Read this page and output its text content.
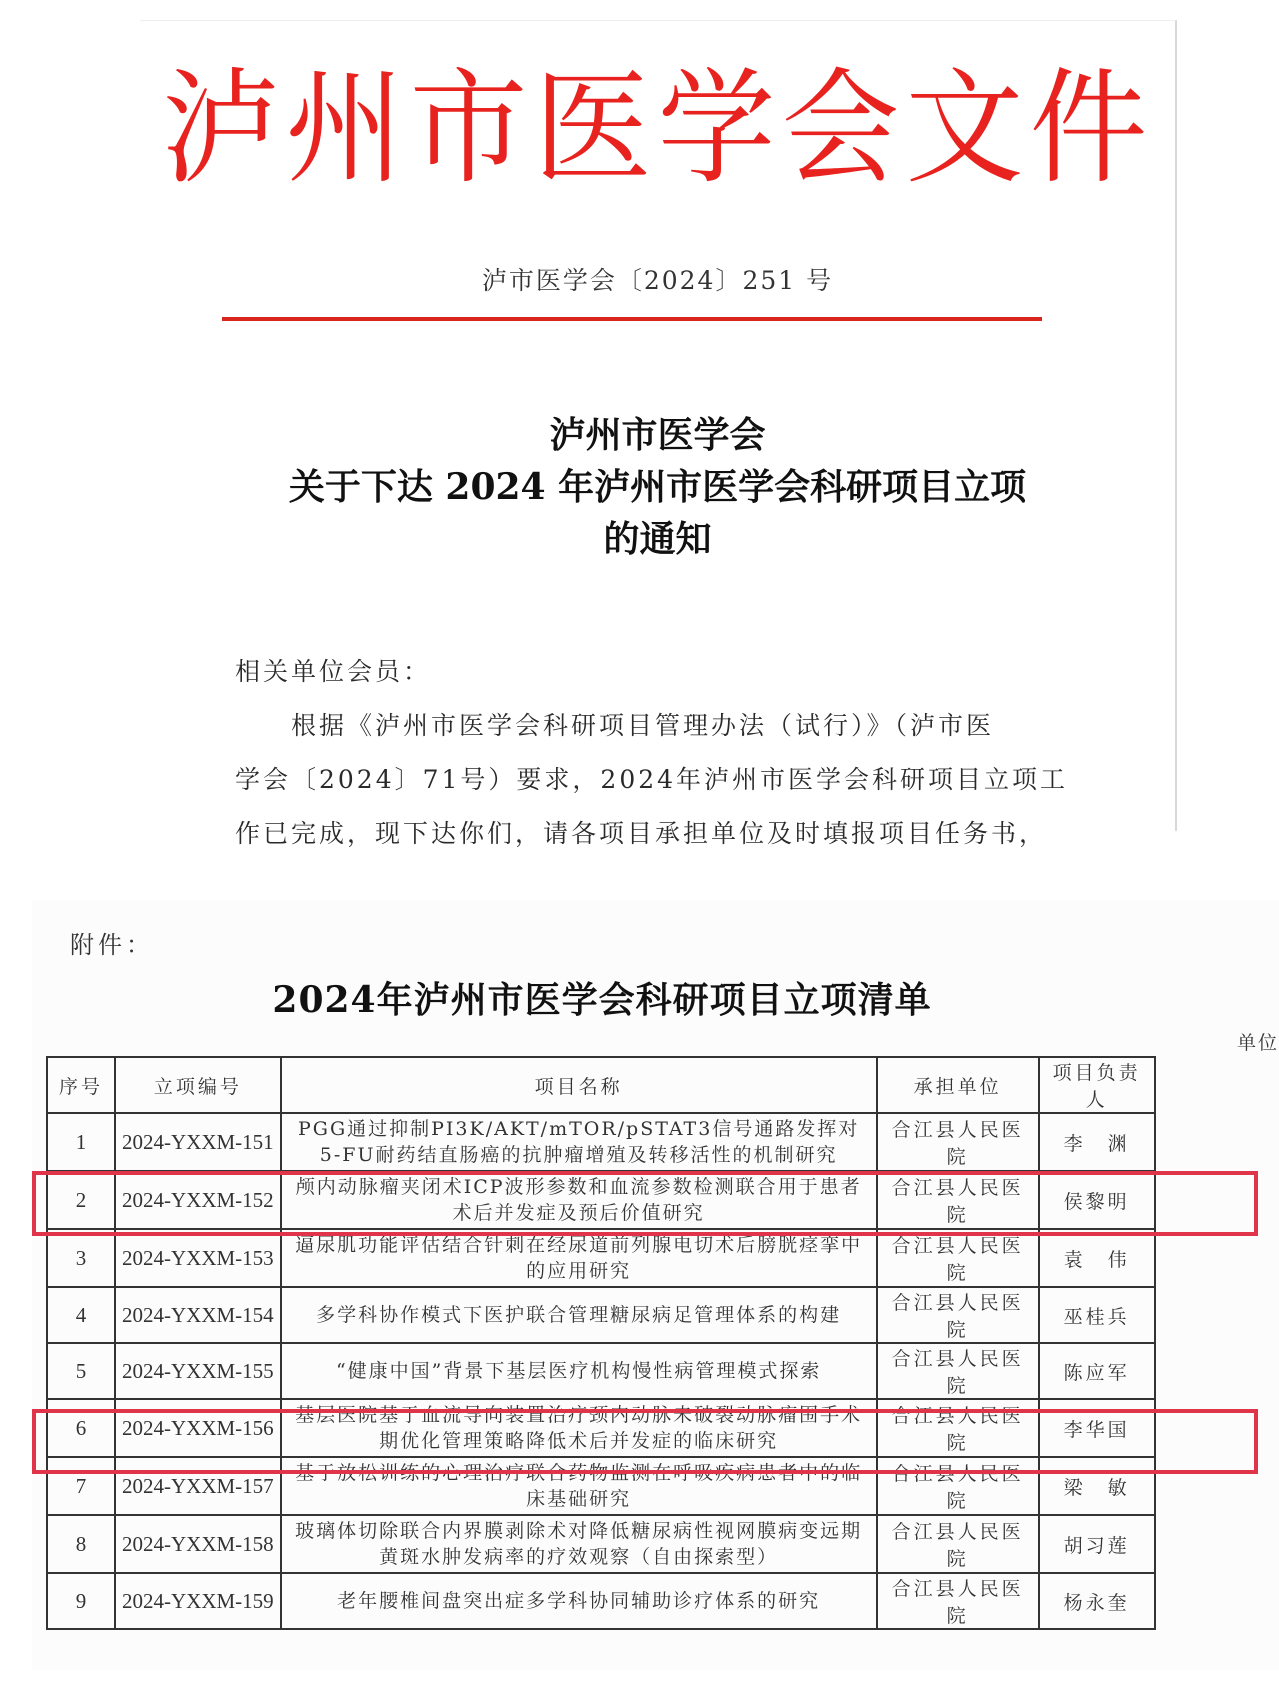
泸州市医学会文件
泸市医学会〔2024〕251 号
泸州市医学会
关于下达 2024 年泸州市医学会科研项目立项
的通知

相关单位会员：

根据《泸州市医学会科研项目管理办法（试行）》（泸市医

学会〔2024〕71号）要求，2024年泸州市医学会科研项目立项工

作已完成，现下达你们，请各项目承担单位及时填报项目任务书，

附件：
2024年泸州市医学会科研项目立项清单
单位
序号	立项编号	项目名称	承担单位	项目负责人
1	2024-YXXM-151	PGG通过抑制PI3K/AKT/mTOR/pSTAT3信号通路发挥对5-FU耐药结直肠癌的抗肿瘤增殖及转移活性的机制研究	合江县人民医院	李　渊
2	2024-YXXM-152	颅内动脉瘤夹闭术ICP波形参数和血流参数检测联合用于患者术后并发症及预后价值研究	合江县人民医院	侯黎明
3	2024-YXXM-153	逼尿肌功能评估结合针刺在经尿道前列腺电切术后膀胱痉挛中的应用研究	合江县人民医院	袁　伟
4	2024-YXXM-154	多学科协作模式下医护联合管理糖尿病足管理体系的构建	合江县人民医院	巫桂兵
5	2024-YXXM-155	“健康中国”背景下基层医疗机构慢性病管理模式探索	合江县人民医院	陈应军
6	2024-YXXM-156	基层医院基于血流导向装置治疗颈内动脉未破裂动脉瘤围手术期优化管理策略降低术后并发症的临床研究	合江县人民医院	李华国
7	2024-YXXM-157	基于放松训练的心理治疗联合药物监测在呼吸疾病患者中的临床基础研究	合江县人民医院	梁　敏
8	2024-YXXM-158	玻璃体切除联合内界膜剥除术对降低糖尿病性视网膜病变远期黄斑水肿发病率的疗效观察（自由探索型）	合江县人民医院	胡习莲
9	2024-YXXM-159	老年腰椎间盘突出症多学科协同辅助诊疗体系的研究	合江县人民医院	杨永奎
